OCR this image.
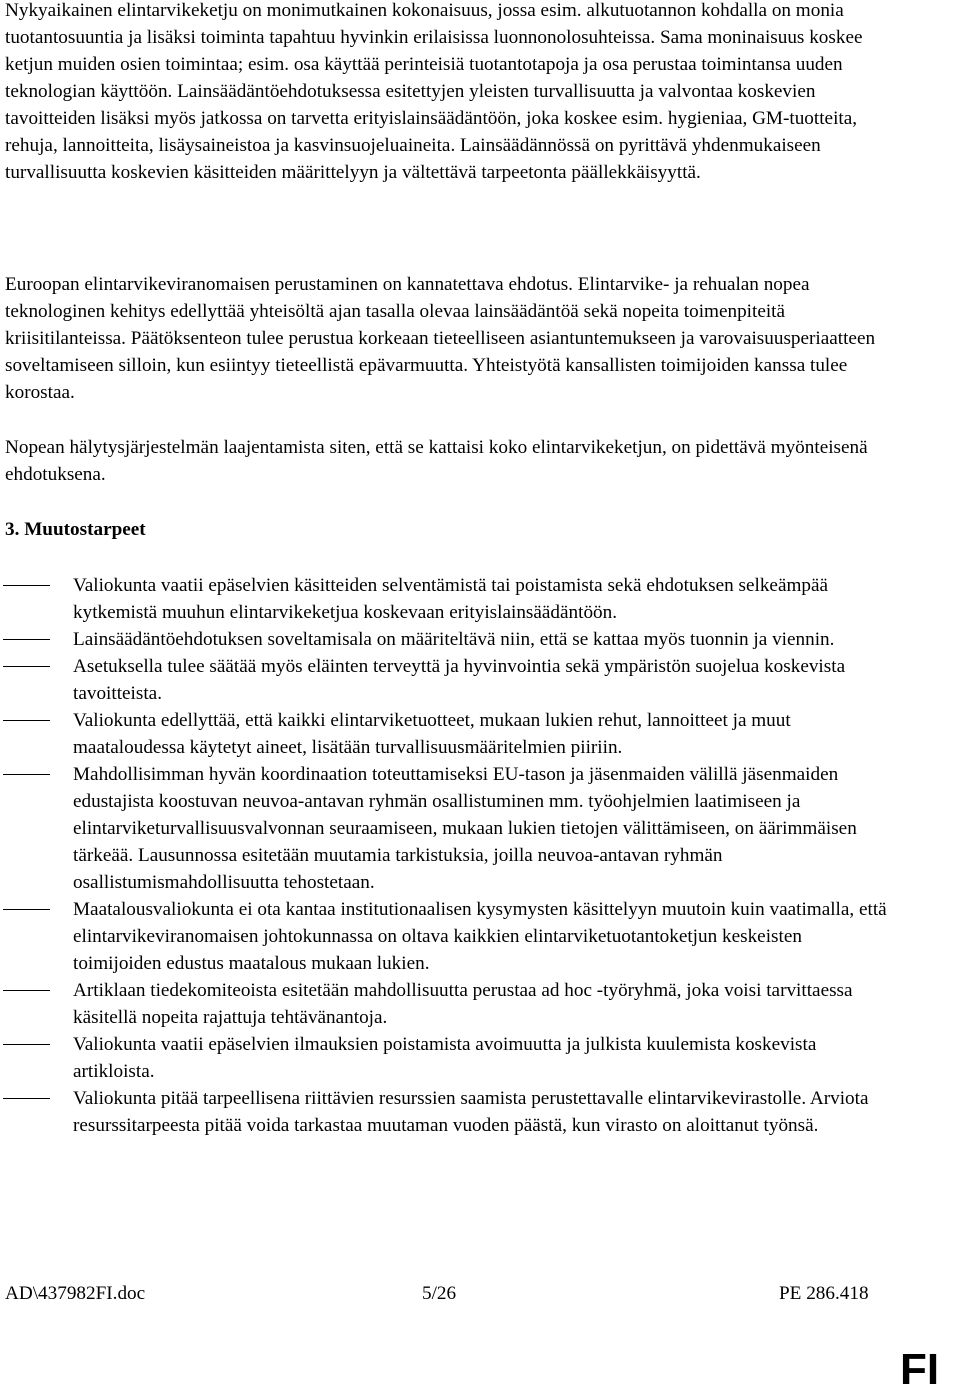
Nykyaikainen elintarvikeketju on monimutkainen kokonaisuus, jossa esim. alkutuotannon kohdalla on monia tuotantosuuntia ja lisäksi toiminta tapahtuu hyvinkin erilaisissa luonnonolosuhteissa. Sama moninaisuus koskee ketjun muiden osien toimintaa; esim. osa käyttää perinteisiä tuotantotapoja ja osa perustaa toimintansa uuden teknologian käyttöön. Lainsäädäntöehdotuksessa esitettyjen yleisten turvallisuutta ja valvontaa koskevien tavoitteiden lisäksi myös jatkossa on tarvetta erityislainsäädäntöön, joka koskee esim. hygieniaa, GM-tuotteita, rehuja, lannoitteita, lisäysaineistoa ja kasvinsuojeluaineita. Lainsäädännössä on pyrittävä yhdenmukaiseen turvallisuutta koskevien käsitteiden määrittelyyn ja vältettävä tarpeetonta päällekkäisyyttä.

Euroopan elintarvikeviranomaisen perustaminen on kannatettava ehdotus. Elintarvike- ja rehualan nopea teknologinen kehitys edellyttää yhteisöltä ajan tasalla olevaa lainsäädäntöä sekä nopeita toimenpiteitä kriisitilanteissa. Päätöksenteon tulee perustua korkeaan tieteelliseen asiantuntemukseen ja varovaisuusperiaatteen soveltamiseen silloin, kun esiintyy tieteellistä epävarmuutta. Yhteistyötä kansallisten toimijoiden kanssa tulee korostaa.

Nopean hälytysjärjestelmän laajentamista siten, että se kattaisi koko elintarvikeketjun, on pidettävä myönteisenä ehdotuksena.

3. Muutostarpeet
Valiokunta vaatii epäselvien käsitteiden selventämistä tai poistamista sekä ehdotuksen selkeämpää kytkemistä muuhun elintarvikeketjua koskevaan erityislainsäädäntöön.
Lainsäädäntöehdotuksen soveltamisala on määriteltävä niin, että se kattaa myös tuonnin ja viennin.
Asetuksella tulee säätää myös eläinten terveyttä ja hyvinvointia sekä ympäristön suojelua koskevista tavoitteista.
Valiokunta edellyttää, että kaikki elintarviketuotteet, mukaan lukien rehut, lannoitteet ja muut maataloudessa käytetyt aineet, lisätään turvallisuusmääritelmien piiriin.
Mahdollisimman hyvän koordinaation toteuttamiseksi EU-tason ja jäsenmaiden välillä jäsenmaiden edustajista koostuvan neuvoa-antavan ryhmän osallistuminen mm. työohjelmien laatimiseen ja elintarviketurvallisuusvalvonnan seuraamiseen, mukaan lukien tietojen välittämiseen, on äärimmäisen tärkeää. Lausunnossa esitetään muutamia tarkistuksia, joilla neuvoa-antavan ryhmän osallistumismahdollisuutta tehostetaan.
Maatalousvaliokunta ei ota kantaa institutionaalisen kysymysten käsittelyyn muutoin kuin vaatimalla, että elintarvikeviranomaisen johtokunnassa on oltava kaikkien elintarviketuotantoketjun keskeisten toimijoiden edustus maatalous mukaan lukien.
Artiklaan tiedekomiteoista esitetään mahdollisuutta perustaa ad hoc -työryhmä, joka voisi tarvittaessa käsitellä nopeita rajattuja tehtävänantoja.
Valiokunta vaatii epäselvien ilmauksien poistamista avoimuutta ja julkista kuulemista koskevista artikloista.
Valiokunta pitää tarpeellisena riittävien resurssien saamista perustettavalle elintarvikevirastolle. Arviota resurssitarpeesta pitää voida tarkastaa muutaman vuoden päästä, kun virasto on aloittanut työnsä.

AD\437982FI.doc	5/26	PE 286.418

FI
